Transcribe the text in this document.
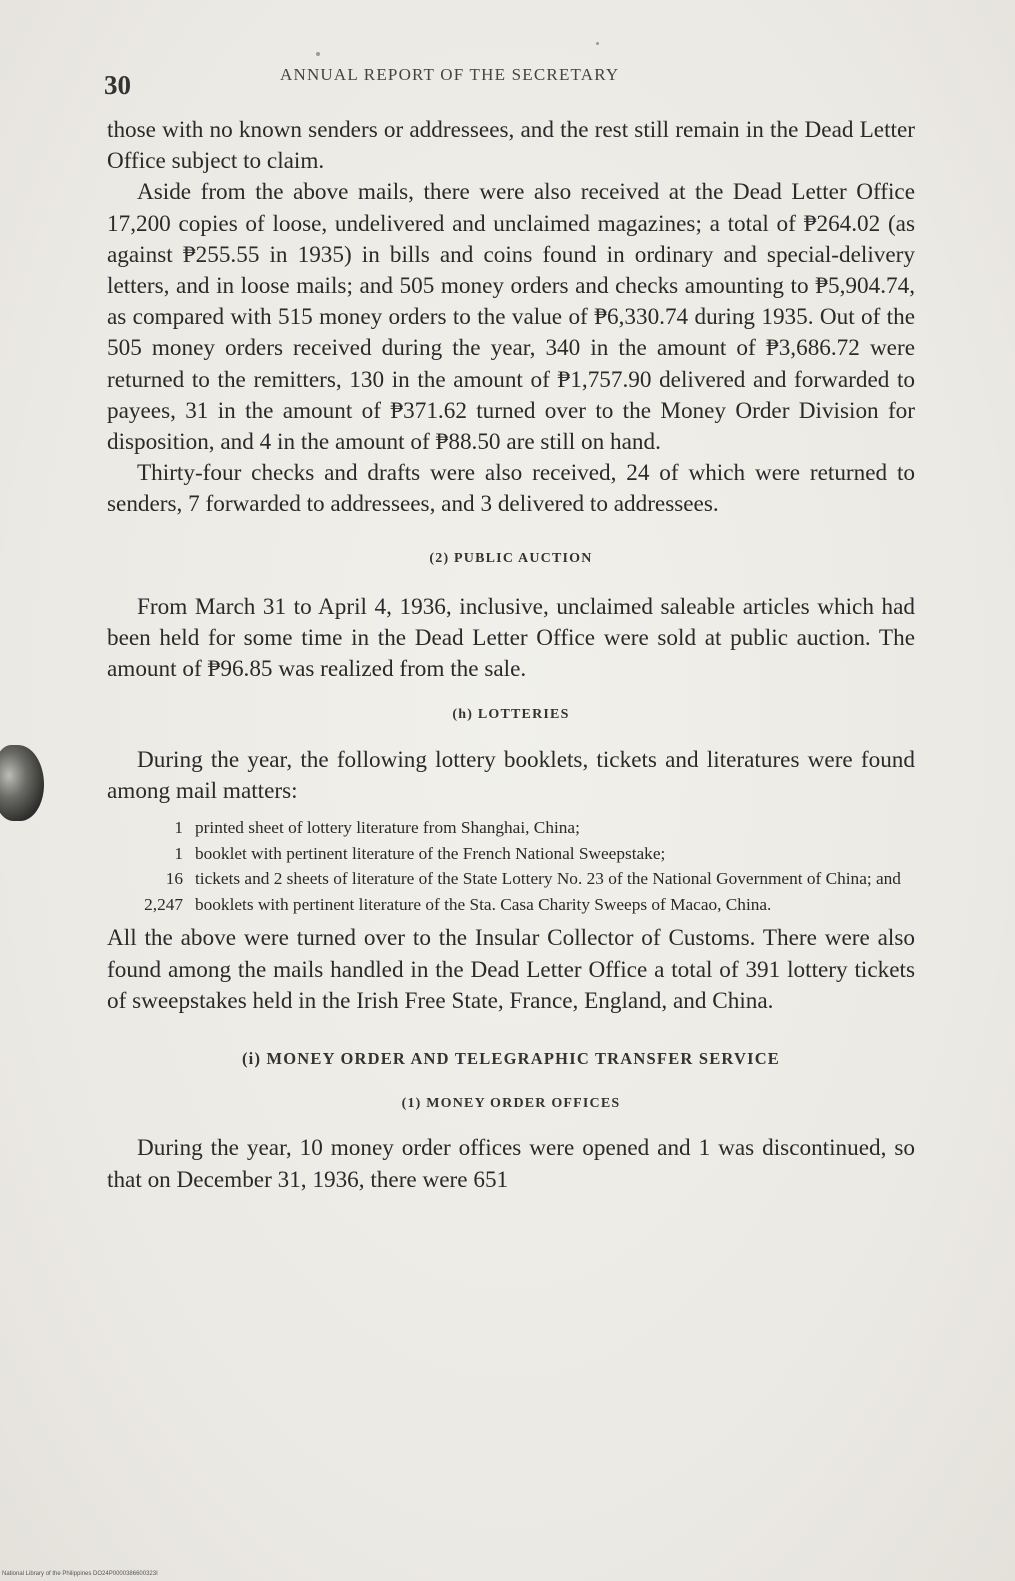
30	ANNUAL REPORT OF THE SECRETARY

those with no known senders or addressees, and the rest still remain in the Dead Letter Office subject to claim.

Aside from the above mails, there were also received at the Dead Letter Office 17,200 copies of loose, undelivered and unclaimed magazines; a total of ₱264.02 (as against ₱255.55 in 1935) in bills and coins found in ordinary and special-delivery letters, and in loose mails; and 505 money orders and checks amounting to ₱5,904.74, as compared with 515 money orders to the value of ₱6,330.74 during 1935. Out of the 505 money orders received during the year, 340 in the amount of ₱3,686.72 were returned to the remitters, 130 in the amount of ₱1,757.90 delivered and forwarded to payees, 31 in the amount of ₱371.62 turned over to the Money Order Division for disposition, and 4 in the amount of ₱88.50 are still on hand.

Thirty-four checks and drafts were also received, 24 of which were returned to senders, 7 forwarded to addressees, and 3 delivered to addressees.

(2) PUBLIC AUCTION

From March 31 to April 4, 1936, inclusive, unclaimed saleable articles which had been held for some time in the Dead Letter Office were sold at public auction. The amount of ₱96.85 was realized from the sale.

(h) LOTTERIES

During the year, the following lottery booklets, tickets and literatures were found among mail matters:

1 printed sheet of lottery literature from Shanghai, China;
1 booklet with pertinent literature of the French National Sweepstake;
16 tickets and 2 sheets of literature of the State Lottery No. 23 of the National Government of China; and
2,247 booklets with pertinent literature of the Sta. Casa Charity Sweeps of Macao, China.

All the above were turned over to the Insular Collector of Customs. There were also found among the mails handled in the Dead Letter Office a total of 391 lottery tickets of sweepstakes held in the Irish Free State, France, England, and China.

(i) MONEY ORDER AND TELEGRAPHIC TRANSFER SERVICE
(1) MONEY ORDER OFFICES

During the year, 10 money order offices were opened and 1 was discontinued, so that on December 31, 1936, there were 651

National Library of the Philippines DO24P0000386600323I
